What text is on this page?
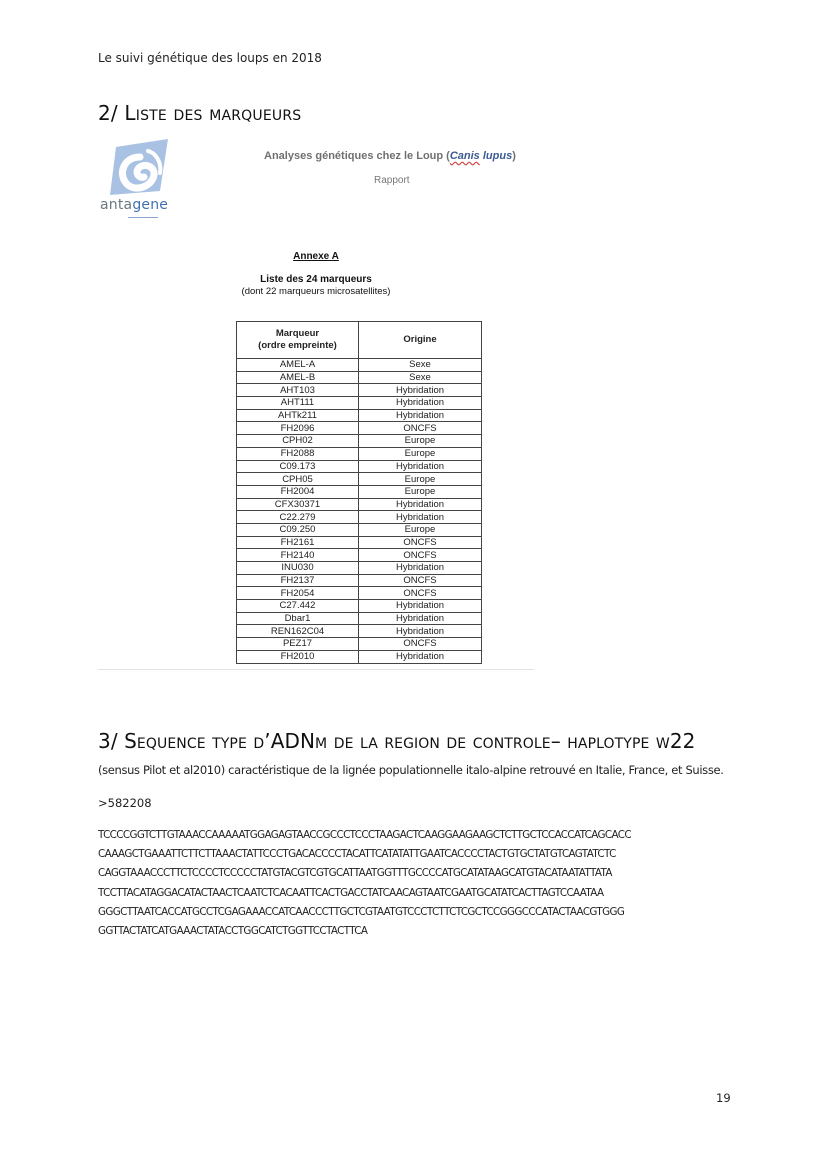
Le suivi génétique des loups en 2018
2/ Liste des marqueurs
antagene
Analyses génétiques chez le Loup (Canis lupus)
Rapport
Annexe A
Liste des 24 marqueurs
(dont 22 marqueurs microsatellites)
Marqueur
(ordre empreinte)	Origine
AMEL-A	Sexe
AMEL-B	Sexe
AHT103	Hybridation
AHT111	Hybridation
AHTk211	Hybridation
FH2096	ONCFS
CPH02	Europe
FH2088	Europe
C09.173	Hybridation
CPH05	Europe
FH2004	Europe
CFX30371	Hybridation
C22.279	Hybridation
C09.250	Europe
FH2161	ONCFS
FH2140	ONCFS
INU030	Hybridation
FH2137	ONCFS
FH2054	ONCFS
C27.442	Hybridation
Dbar1	Hybridation
REN162C04	Hybridation
PEZ17	ONCFS
FH2010	Hybridation
3/ Sequence type d’ADNm de la region de controle– haplotype w22
(sensus Pilot et al2010) caractéristique de la lignée populationnelle italo-alpine retrouvé en Italie, France, et Suisse.
>582208
TCCCCGGTCTTGTAAACCAAAAATGGAGAGTAACCGCCCTCCCTAAGACTCAAGGAAGAAGCTCTTGCTCCACCATCAGCACC
CAAAGCTGAAATTCTTCTTAAACTATTCCCTGACACCCCTACATTCATATATTGAATCACCCCTACTGTGCTATGTCAGTATCTC
CAGGTAAACCCTTCTCCCCTCCCCCTATGTACGTCGTGCATTAATGGTTTGCCCCATGCATATAAGCATGTACATAATATTATA
TCCTTACATAGGACATACTAACTCAATCTCACAATTCACTGACCTATCAACAGTAATCGAATGCATATCACTTAGTCCAATAA
GGGCTTAATCACCATGCCTCGAGAAACCATCAACCCTTGCTCGTAATGTCCCTCTTCTCGCTCCGGGCCCATACTAACGTGGG
GGTTACTATCATGAAACTATACCTGGCATCTGGTTCCTACTTCA
19
